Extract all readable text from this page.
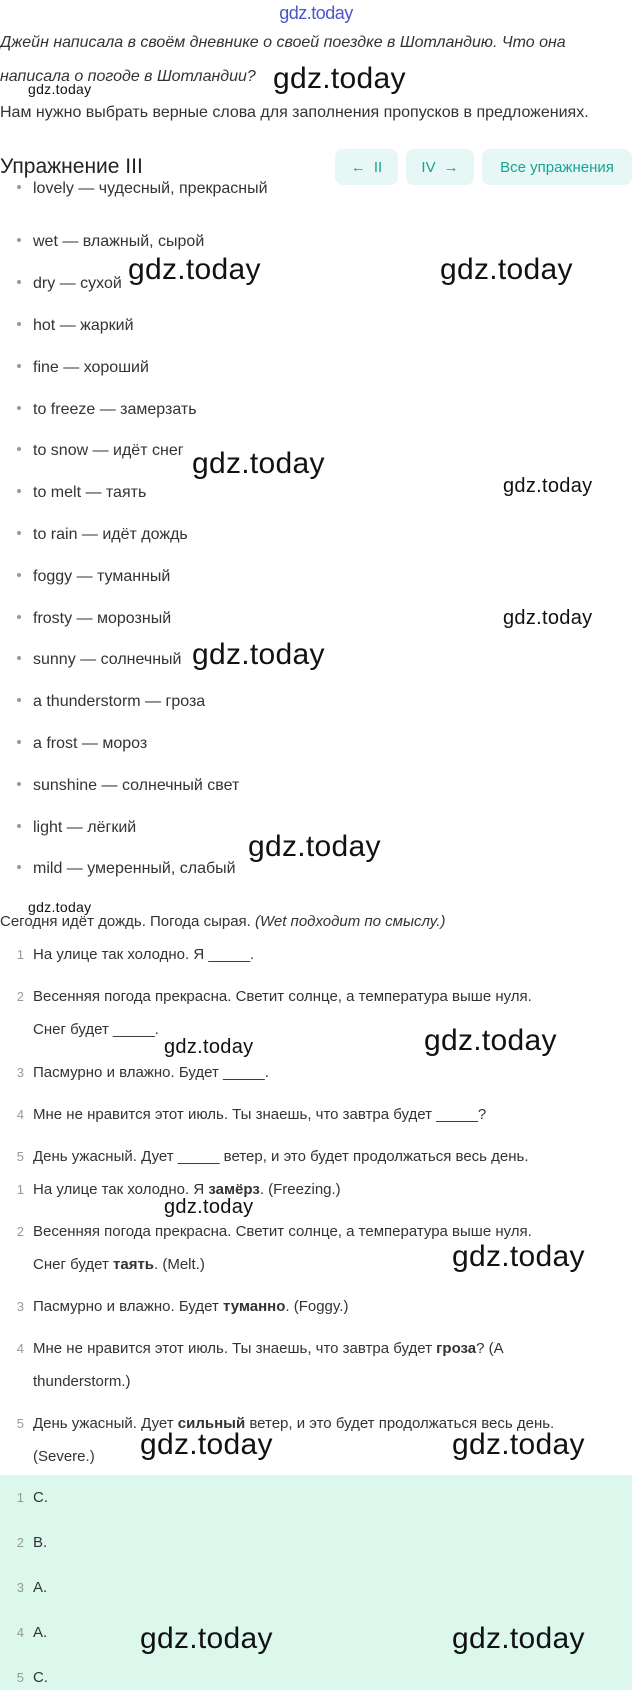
gdz.today
Джейн написала в своём дневнике о своей поездке в Шотландию. Что она
написала о погоде в Шотландии?
Нам нужно выбрать верные слова для заполнения пропусков в предложениях.
Упражнение III	← II	IV →	Все упражнения
lovely — чудесный, прекрасный
wet — влажный, сырой
dry — сухой
hot — жаркий
fine — хороший
to freeze — замерзать
to snow — идёт снег
to melt — таять
to rain — идёт дождь
foggy — туманный
frosty — морозный
sunny — солнечный
a thunderstorm — гроза
a frost — мороз
sunshine — солнечный свет
light — лёгкий
mild — умеренный, слабый
Сегодня идёт дождь. Погода сырая. (Wet подходит по смыслу.)
1 На улице так холодно. Я _____.
2 Весенняя погода прекрасна. Светит солнце, а температура выше нуля.
Снег будет _____.
3 Пасмурно и влажно. Будет _____.
4 Мне не нравится этот июль. Ты знаешь, что завтра будет _____?
5 День ужасный. Дует _____ ветер, и это будет продолжаться весь день.
1 На улице так холодно. Я замёрз. (Freezing.)
2 Весенняя погода прекрасна. Светит солнце, а температура выше нуля.
Снег будет таять. (Melt.)
3 Пасмурно и влажно. Будет туманно. (Foggy.)
4 Мне не нравится этот июль. Ты знаешь, что завтра будет гроза? (A
thunderstorm.)
5 День ужасный. Дует сильный ветер, и это будет продолжаться весь день.
(Severe.)
1 C.
2 B.
3 A.
4 A.
5 C.
gdz.today
gdz.today
gdz.today	gdz.today
gdz.today
gdz.today
gdz.today
gdz.today
gdz.today
gdz.today
gdz.today	gdz.today
gdz.today
gdz.today
gdz.today	gdz.today
gdz.today	gdz.today
